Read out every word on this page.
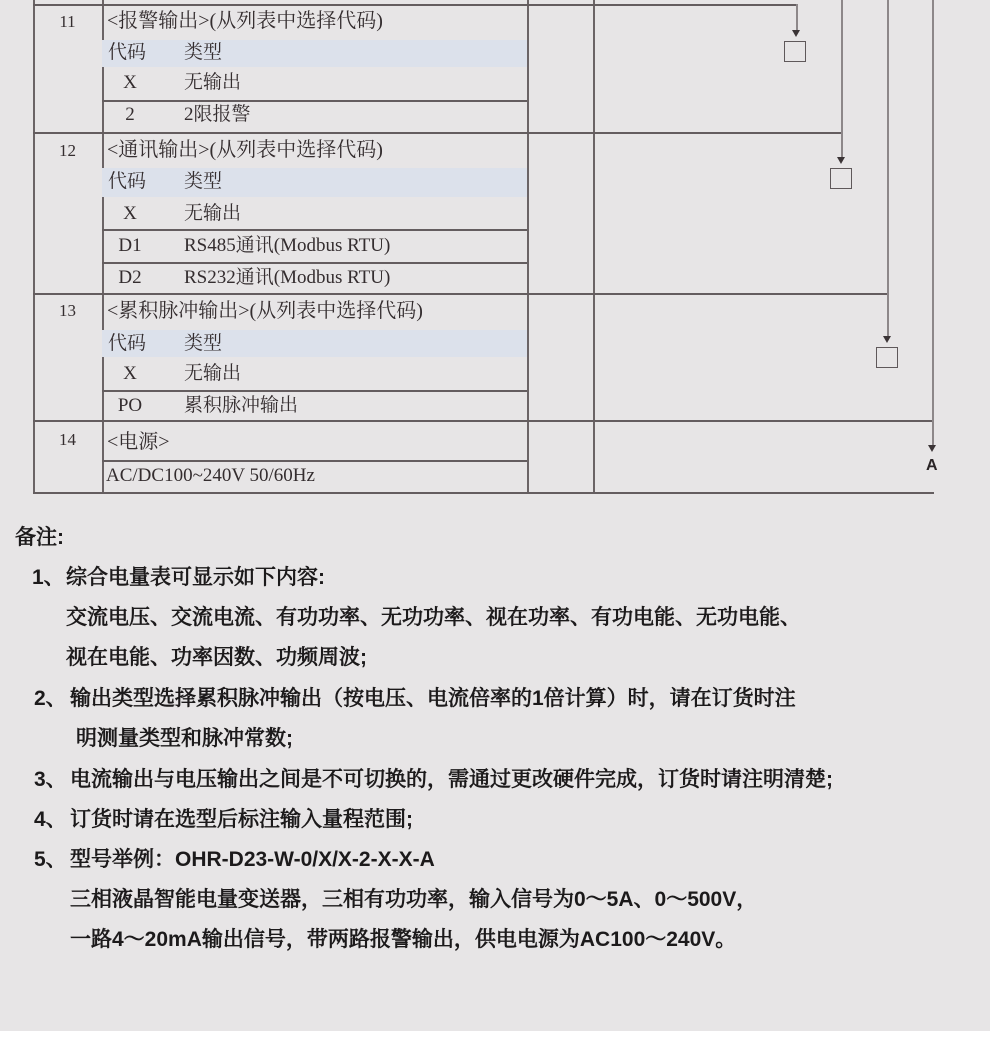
A
11	<报警输出>(从列表中选择代码)
代码 类型
X	无输出
2	2限报警
12	<通讯输出>(从列表中选择代码)
代码 类型
X	无输出
D1	RS485通讯(Modbus RTU)
D2	RS232通讯(Modbus RTU)
13	<累积脉冲输出>(从列表中选择代码)
代码 类型
X	无输出
PO	累积脉冲输出
14	<电源>
AC/DC100~240V 50/60Hz
备注:
1、 综合电量表可显示如下内容:
交流电压、交流电流、有功功率、无功功率、视在功率、有功电能、无功电能、
视在电能、功率因数、功频周波;
2、 输出类型选择累积脉冲输出（按电压、电流倍率的1倍计算）时，请在订货时注
明测量类型和脉冲常数;
3、 电流输出与电压输出之间是不可切换的，需通过更改硬件完成，订货时请注明清楚;
4、 订货时请在选型后标注输入量程范围;
5、 型号举例：OHR-D23-W-0/X/X-2-X-X-A
三相液晶智能电量变送器，三相有功功率，输入信号为0～5A、0～500V，
一路4～20mA输出信号，带两路报警输出，供电电源为AC100～240V。
